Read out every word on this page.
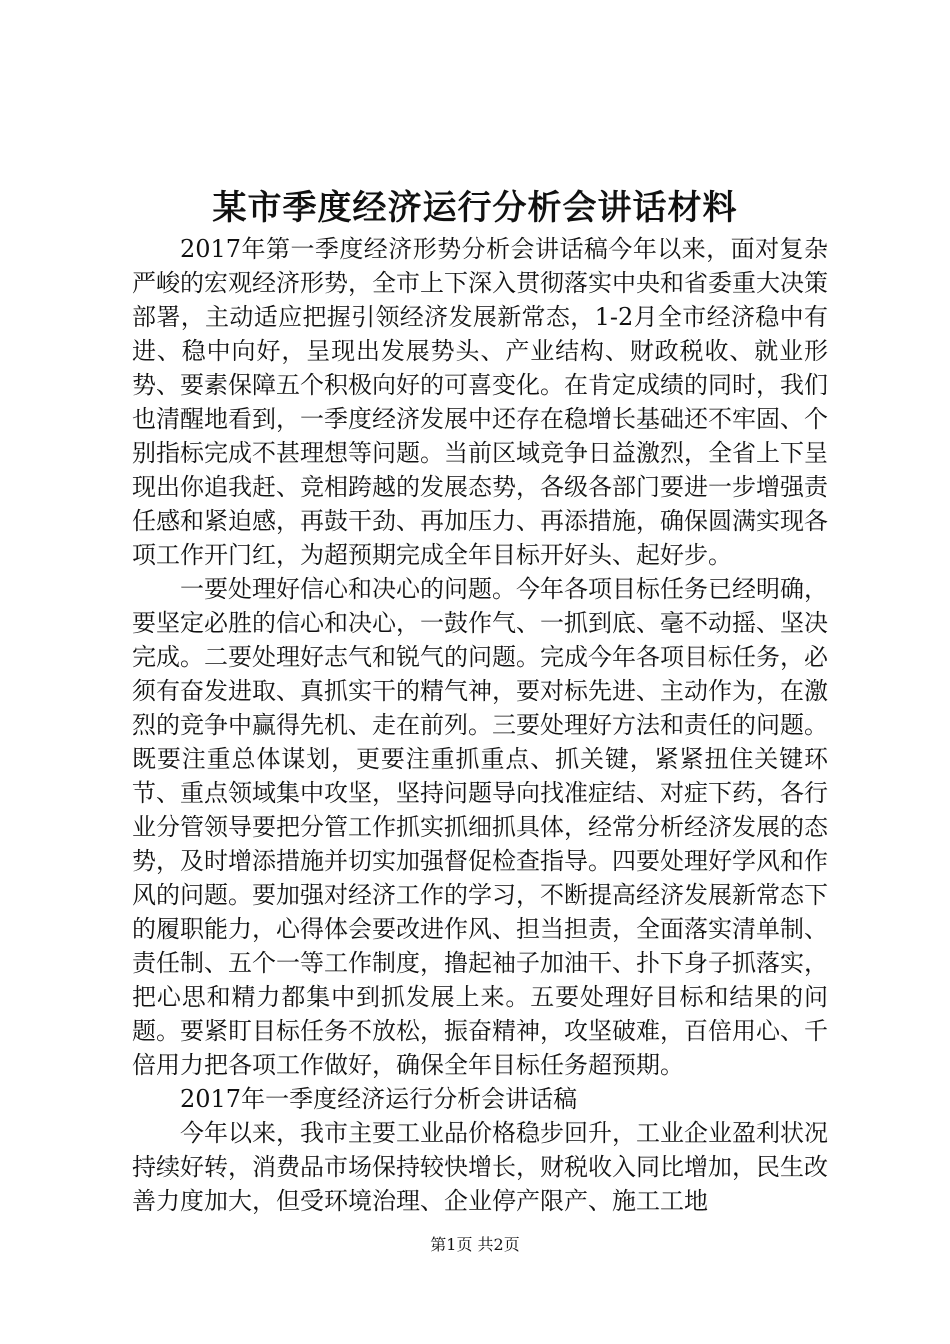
某市季度经济运行分析会讲话材料

2017年第一季度经济形势分析会讲话稿今年以来，面对复杂严峻的宏观经济形势，全市上下深入贯彻落实中央和省委重大决策部署，主动适应把握引领经济发展新常态，1-2月全市经济稳中有进、稳中向好，呈现出发展势头、产业结构、财政税收、就业形势、要素保障五个积极向好的可喜变化。在肯定成绩的同时，我们也清醒地看到，一季度经济发展中还存在稳增长基础还不牢固、个别指标完成不甚理想等问题。当前区域竞争日益激烈，全省上下呈现出你追我赶、竞相跨越的发展态势，各级各部门要进一步增强责任感和紧迫感，再鼓干劲、再加压力、再添措施，确保圆满实现各项工作开门红，为超预期完成全年目标开好头、起好步。

一要处理好信心和决心的问题。今年各项目标任务已经明确，要坚定必胜的信心和决心，一鼓作气、一抓到底、毫不动摇、坚决完成。二要处理好志气和锐气的问题。完成今年各项目标任务，必须有奋发进取、真抓实干的精气神，要对标先进、主动作为，在激烈的竞争中赢得先机、走在前列。三要处理好方法和责任的问题。既要注重总体谋划，更要注重抓重点、抓关键，紧紧扭住关键环节、重点领域集中攻坚，坚持问题导向找准症结、对症下药，各行业分管领导要把分管工作抓实抓细抓具体，经常分析经济发展的态势，及时增添措施并切实加强督促检查指导。四要处理好学风和作风的问题。要加强对经济工作的学习，不断提高经济发展新常态下的履职能力，心得体会要改进作风、担当担责，全面落实清单制、责任制、五个一等工作制度，撸起袖子加油干、扑下身子抓落实，把心思和精力都集中到抓发展上来。五要处理好目标和结果的问题。要紧盯目标任务不放松，振奋精神，攻坚破难，百倍用心、千倍用力把各项工作做好，确保全年目标任务超预期。

2017年一季度经济运行分析会讲话稿

今年以来，我市主要工业品价格稳步回升，工业企业盈利状况持续好转，消费品市场保持较快增长，财税收入同比增加，民生改善力度加大，但受环境治理、企业停产限产、施工工地

第1页 共2页
